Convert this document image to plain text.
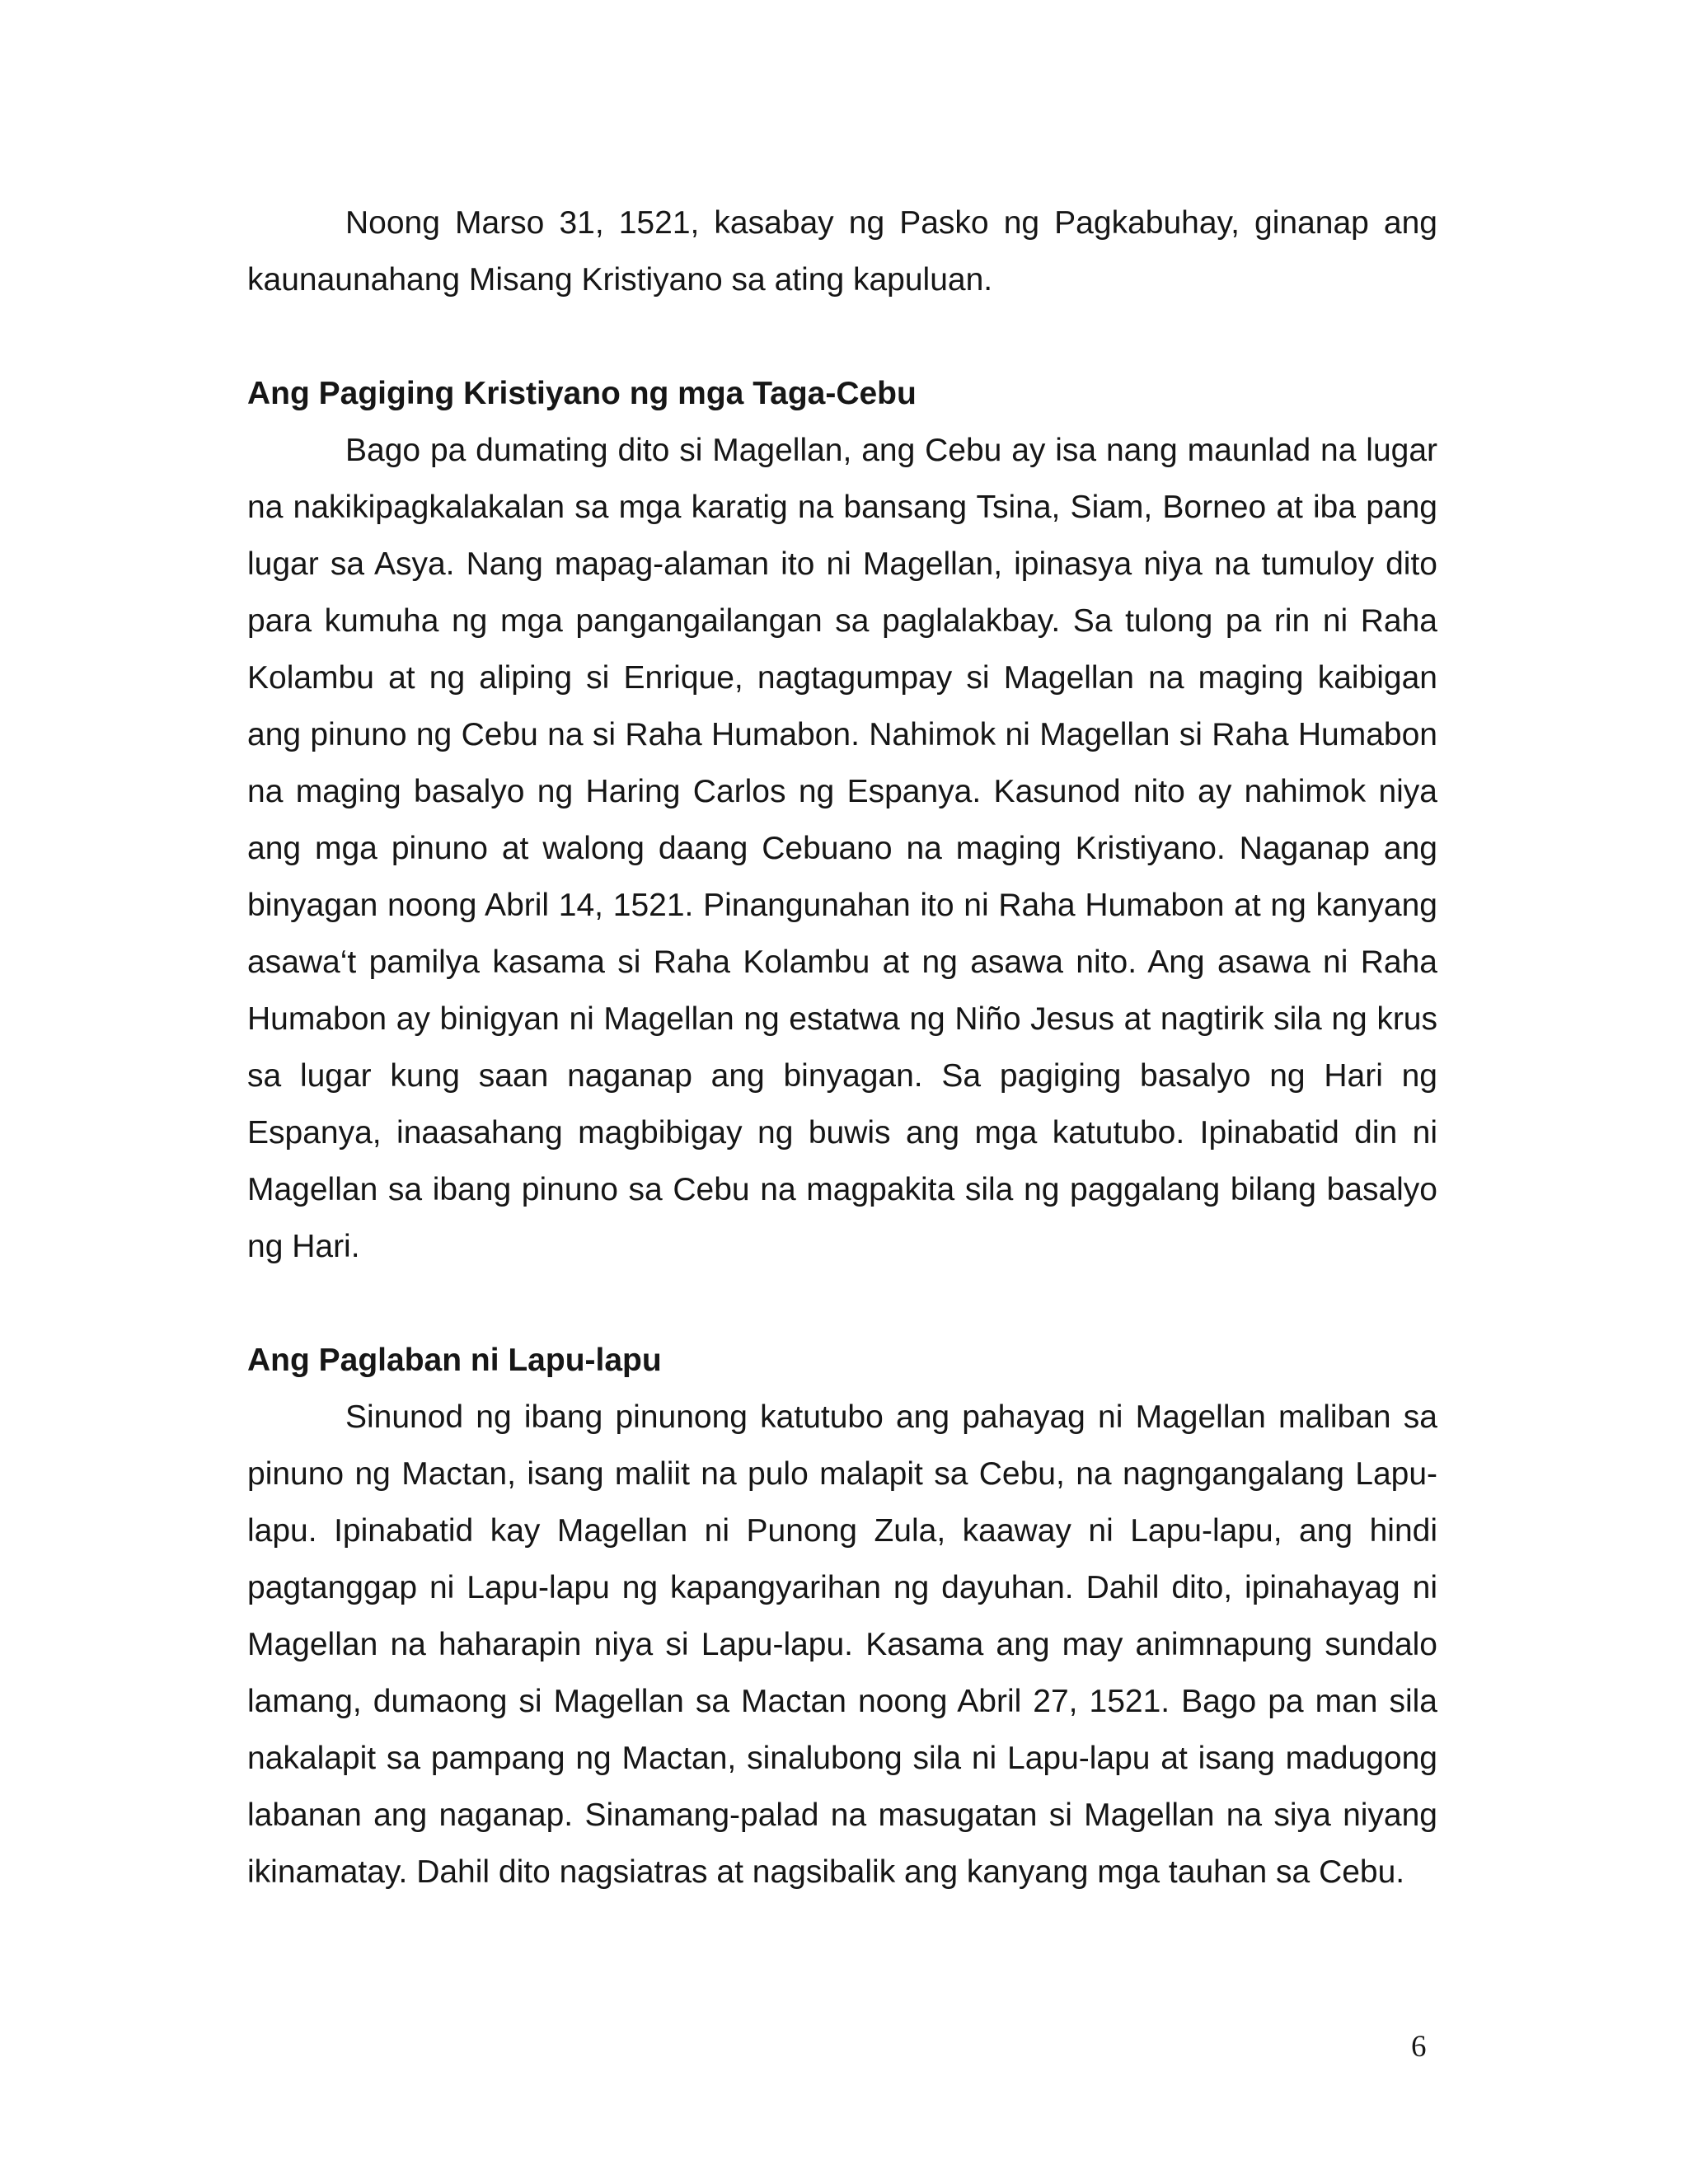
Noong Marso 31, 1521, kasabay ng Pasko ng Pagkabuhay, ginanap ang kaunaunahang Misang Kristiyano sa ating kapuluan.

Ang Pagiging Kristiyano ng mga Taga-Cebu

Bago pa dumating dito si Magellan, ang Cebu ay isa nang maunlad na lugar na nakikipagkalakalan sa mga karatig na bansang Tsina, Siam, Borneo at iba pang lugar sa Asya. Nang mapag-alaman ito ni Magellan, ipinasya niya na tumuloy dito para kumuha ng mga pangangailangan sa paglalakbay. Sa tulong pa rin ni Raha Kolambu at ng aliping si Enrique, nagtagumpay si Magellan na maging kaibigan ang pinuno ng Cebu na si Raha Humabon. Nahimok ni Magellan si Raha Humabon na maging basalyo ng Haring Carlos ng Espanya. Kasunod nito ay nahimok niya ang mga pinuno at walong daang Cebuano na maging Kristiyano. Naganap ang binyagan noong Abril 14, 1521. Pinangunahan ito ni Raha Humabon at ng kanyang asawa‘t pamilya kasama si Raha Kolambu at ng asawa nito. Ang asawa ni Raha Humabon ay binigyan ni Magellan ng estatwa ng Niño Jesus at nagtirik sila ng krus sa lugar kung saan naganap ang binyagan. Sa pagiging basalyo ng Hari ng Espanya, inaasahang magbibigay ng buwis ang mga katutubo. Ipinabatid din ni Magellan sa ibang pinuno sa Cebu na magpakita sila ng paggalang bilang basalyo ng Hari.

Ang Paglaban ni Lapu-lapu

Sinunod ng ibang pinunong katutubo ang pahayag ni Magellan maliban sa pinuno ng Mactan, isang maliit na pulo malapit sa Cebu, na nagngangalang Lapu-lapu. Ipinabatid kay Magellan ni Punong Zula, kaaway ni Lapu-lapu, ang hindi pagtanggap ni Lapu-lapu ng kapangyarihan ng dayuhan. Dahil dito, ipinahayag ni Magellan na haharapin niya si Lapu-lapu. Kasama ang may animnapung sundalo lamang, dumaong si Magellan sa Mactan noong Abril 27, 1521. Bago pa man sila nakalapit sa pampang ng Mactan, sinalubong sila ni Lapu-lapu at isang madugong labanan ang naganap. Sinamang-palad na masugatan si Magellan na siya niyang ikinamatay. Dahil dito nagsiatras at nagsibalik ang kanyang mga tauhan sa Cebu.

6
